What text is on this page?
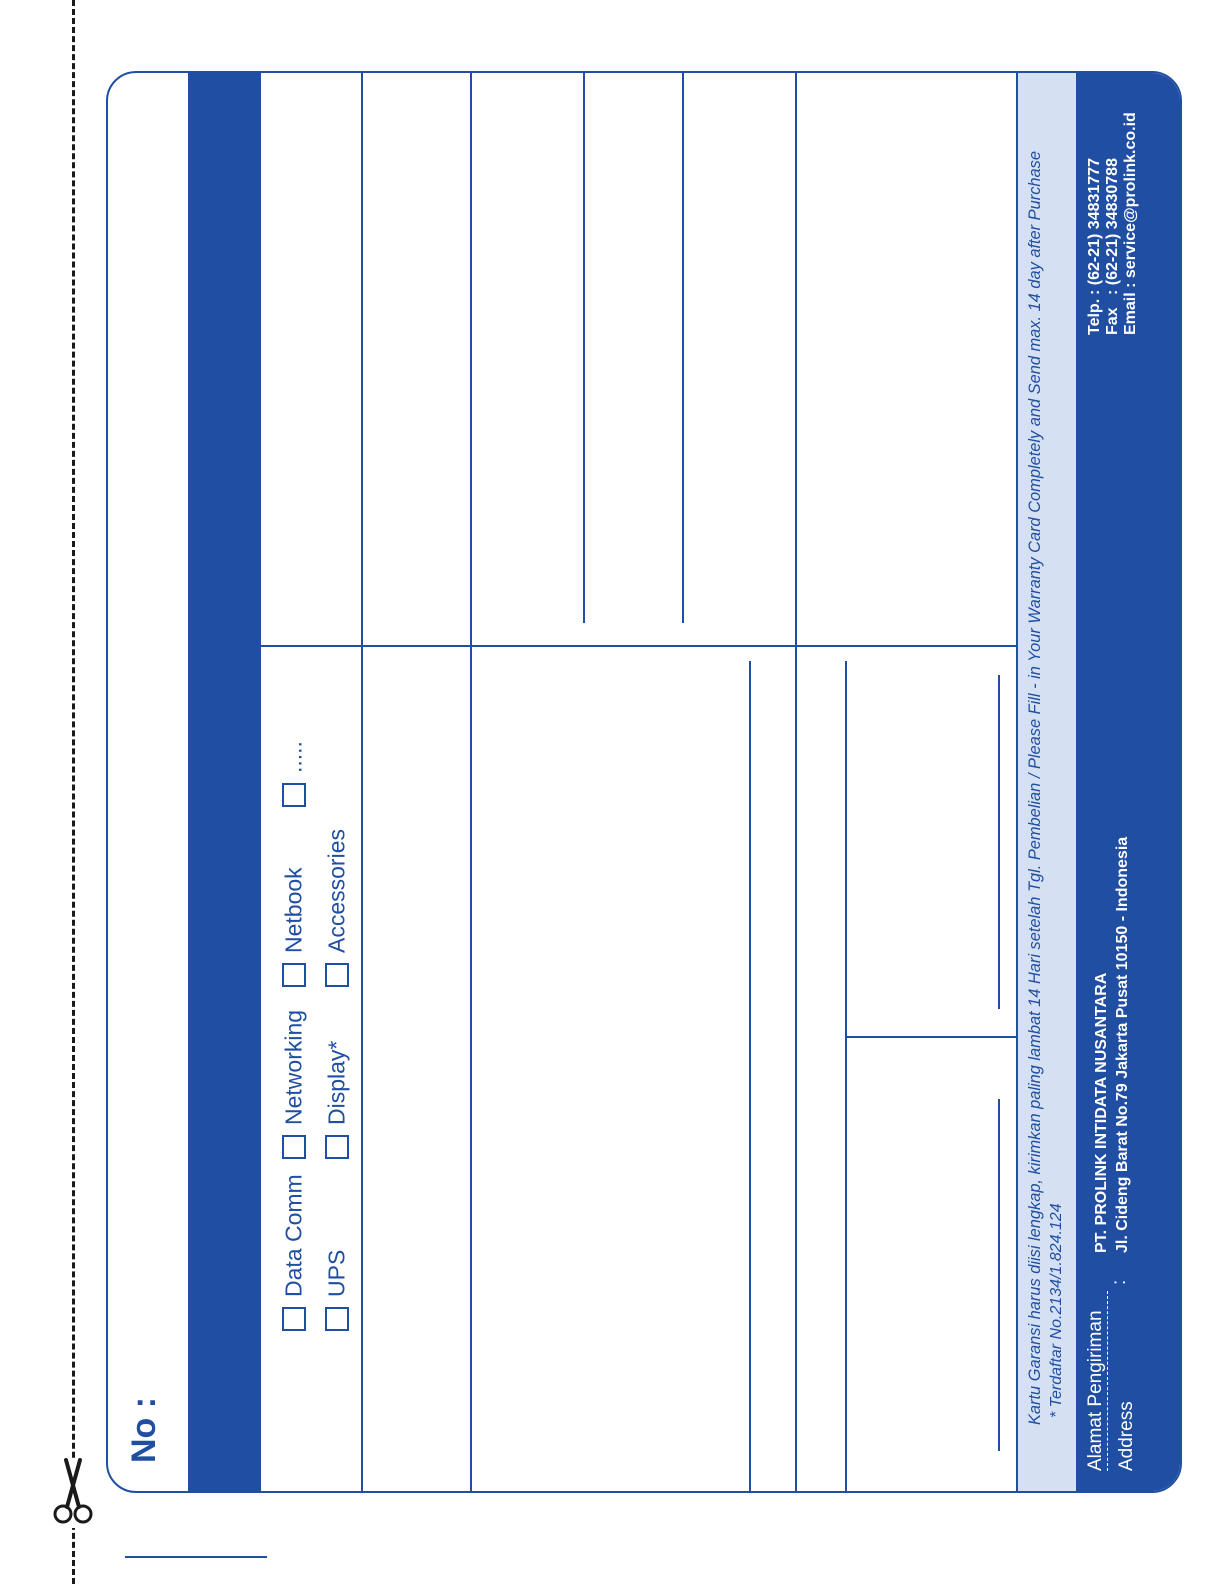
No :
Data Comm
Networking
Netbook
.....
UPS
Display*
Accessories	Kartu Garansi harus diisi lengkap, kirimkan paling lambat 14 Hari setelah Tgl. Pembelian / Please Fill - in Your Warranty Card Completely and Send max. 14 day after Purchase * Terdaftar No.2134/1.824.124 Alamat Pengiriman
:
Address
PT. PROLINK INTIDATA NUSANTARA Jl. Cideng Barat No.79 Jakarta Pusat 10150 - Indonesia
Telp.: (62-21) 34831777
Fax: (62-21) 34830788 Email : service@prolink.co.id
